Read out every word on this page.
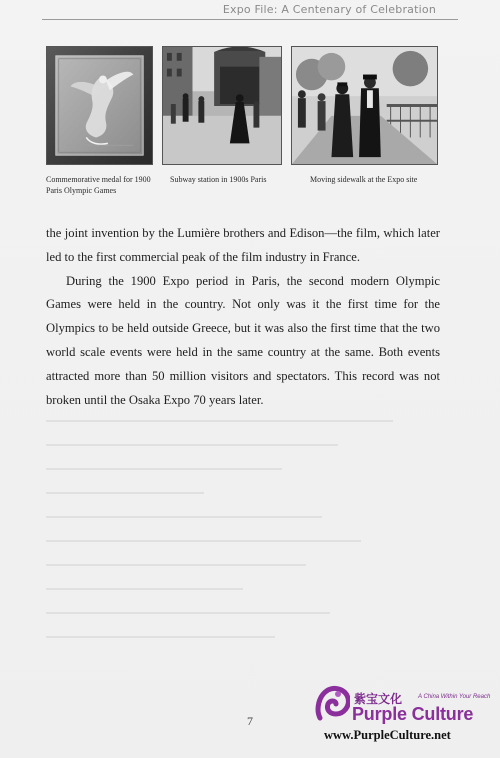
Expo File: A Centenary of Celebration
Commemorative medal for 1900 Paris Olympic Games
Subway station in 1900s Paris	Moving sidewalk at the Expo site

the joint invention by the Lumière brothers and Edison—the film, which later led to the first commercial peak of the film industry in France.

During the 1900 Expo period in Paris, the second modern Olympic Games were held in the country. Not only was it the first time for the Olympics to be held outside Greece, but it was also the first time that the two world scale events were held in the same country at the same. Both events attracted more than 50 million visitors and spectators. This record was not broken until the Osaka Expo 70 years later.

7
紫宝文化	A China Within Your Reach
Purple Culture
www.PurpleCulture.net
